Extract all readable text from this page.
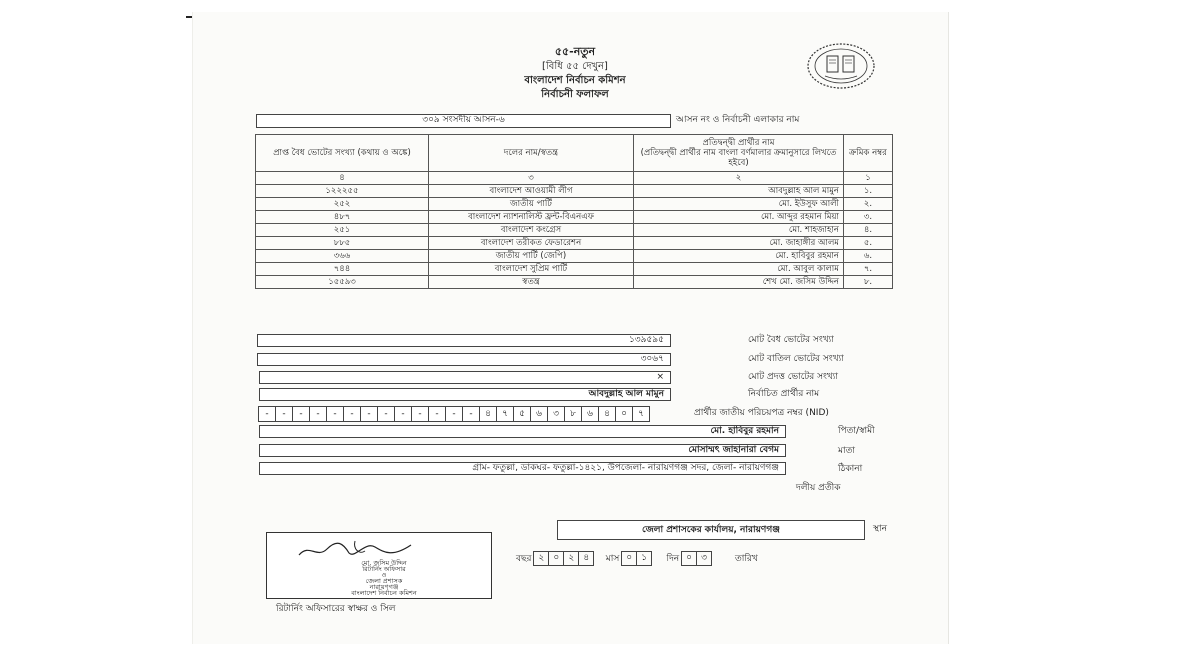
৫৫-নতুন
[বিধি ৫৫ দেখুন]
বাংলাদেশ নির্বাচন কমিশন
নির্বাচনী ফলাফল
৩০৯ সংসদীয় আসন-৬	আসন নং ও নির্বাচনী এলাকার নাম
প্রাপ্ত বৈধ ভোটের সংখ্যা (কথায় ও অঙ্কে)	দলের নাম/স্বতন্ত্র	প্রতিদ্বন্দ্বী প্রার্থীর নাম
(প্রতিদ্বন্দ্বী প্রার্থীর নাম বাংলা বর্ণমালার ক্রমানুসারে লিখতে হইবে)	ক্রমিক নম্বর
৪	৩	২	১
১২২২৫৫	বাংলাদেশ আওয়ামী লীগ	আবদুল্লাহ আল মামুন	১.
২৫২	জাতীয় পার্টি	মো. ইউসুফ আলী	২.
৪৮৭	বাংলাদেশ ন্যাশনালিস্ট ফ্রন্ট-বিএনএফ	মো. আব্দুর রহমান মিয়া	৩.
২৫১	বাংলাদেশ কংগ্রেস	মো. শাহজাহান	৪.
৮৮৫	বাংলাদেশ তরীকত ফেডারেশন	মো. জাহাঙ্গীর আলম	৫.
৩৬৬	জাতীয় পার্টি (জেপি)	মো. হাবিবুর রহমান	৬.
৭৪৪	বাংলাদেশ সুপ্রিম পার্টি	মো. আবুল কালাম	৭.
১৫৫৯৩	স্বতন্ত্র	শেখ মো. জসিম উদ্দিন	৮.
১৩৯৫৯৫	মোট বৈধ ভোটের সংখ্যা
৩০৬৭	মোট বাতিল ভোটের সংখ্যা
×	মোট প্রদত্ত ভোটের সংখ্যা
আবদুল্লাহ আল মামুন	নির্বাচিত প্রার্থীর নাম
-	-	-	-	-	-	-	-	-	-	-	-	-	৪	৭	৫	৬	৩	৮	৬	৪	০	৭	প্রার্থীর জাতীয় পরিচয়পত্র নম্বর (NID)
মো. হাবিবুর রহমান	পিতা/স্বামী
মোসাম্মৎ জাহানারা বেগম	মাতা
গ্রাম- ফতুল্লা, ডাকঘর- ফতুল্লা-১৪২১, উপজেলা- নারায়ণগঞ্জ সদর, জেলা- নারায়ণগঞ্জ	ঠিকানা
দলীয় প্রতীক
জেলা প্রশাসকের কার্যালয়, নারায়ণগঞ্জ	স্থান
বছর ২ ০ ২ ৪ মাস ০ ১ দিন ০ ৩	তারিখ
মো. জসিম উদ্দিন
রিটার্নিং অফিসার
ও
জেলা প্রশাসক
নারায়ণগঞ্জ
বাংলাদেশ নির্বাচন কমিশন
রিটার্নিং অফিসারের স্বাক্ষর ও সিল
